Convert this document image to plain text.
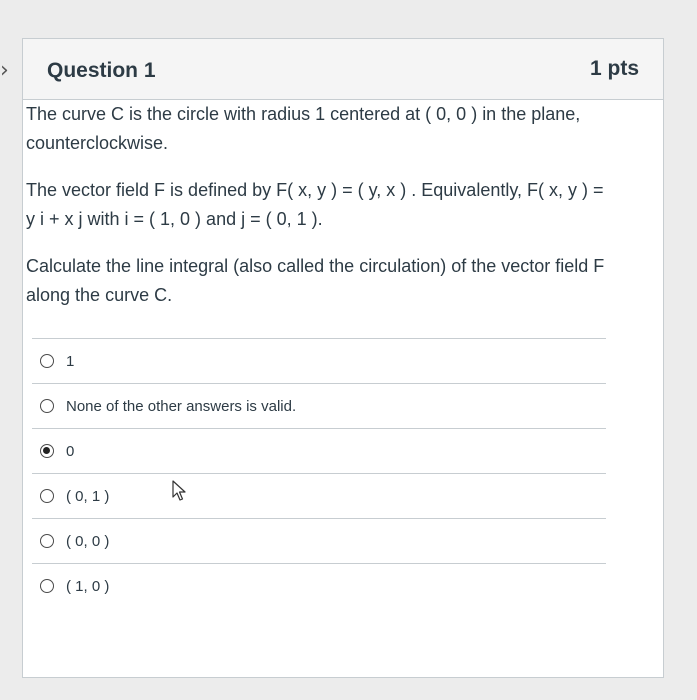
› Question 1	1 pts

The curve C is the circle with radius 1 centered at ( 0, 0 ) in the plane, counterclockwise.

The vector field F is defined by F( x, y ) = ( y, x ) . Equivalently, F( x, y ) = y i + x j with i = ( 1, 0 ) and j = ( 0, 1 ).

Calculate the line integral (also called the circulation) of the vector field F along the curve C.

1
None of the other answers is valid.
0
( 0, 1 )
( 0, 0 )
( 1, 0 )
